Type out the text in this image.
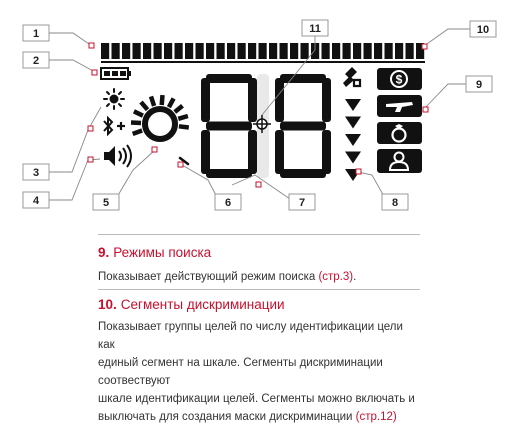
$
1
2
3
4	5	6	7	8
9
10
11

9. Режимы поиска

Показывает действующий режим поиска (стр.3).

10. Сегменты дискриминации

Показывает группы целей по числу идентификации цели как
единый сегмент на шкале. Сегменты дискриминации соотвествуют
шкале идентификации целей. Сегменты можно включать и
выключать для создания маски дискриминации (стр.12)
